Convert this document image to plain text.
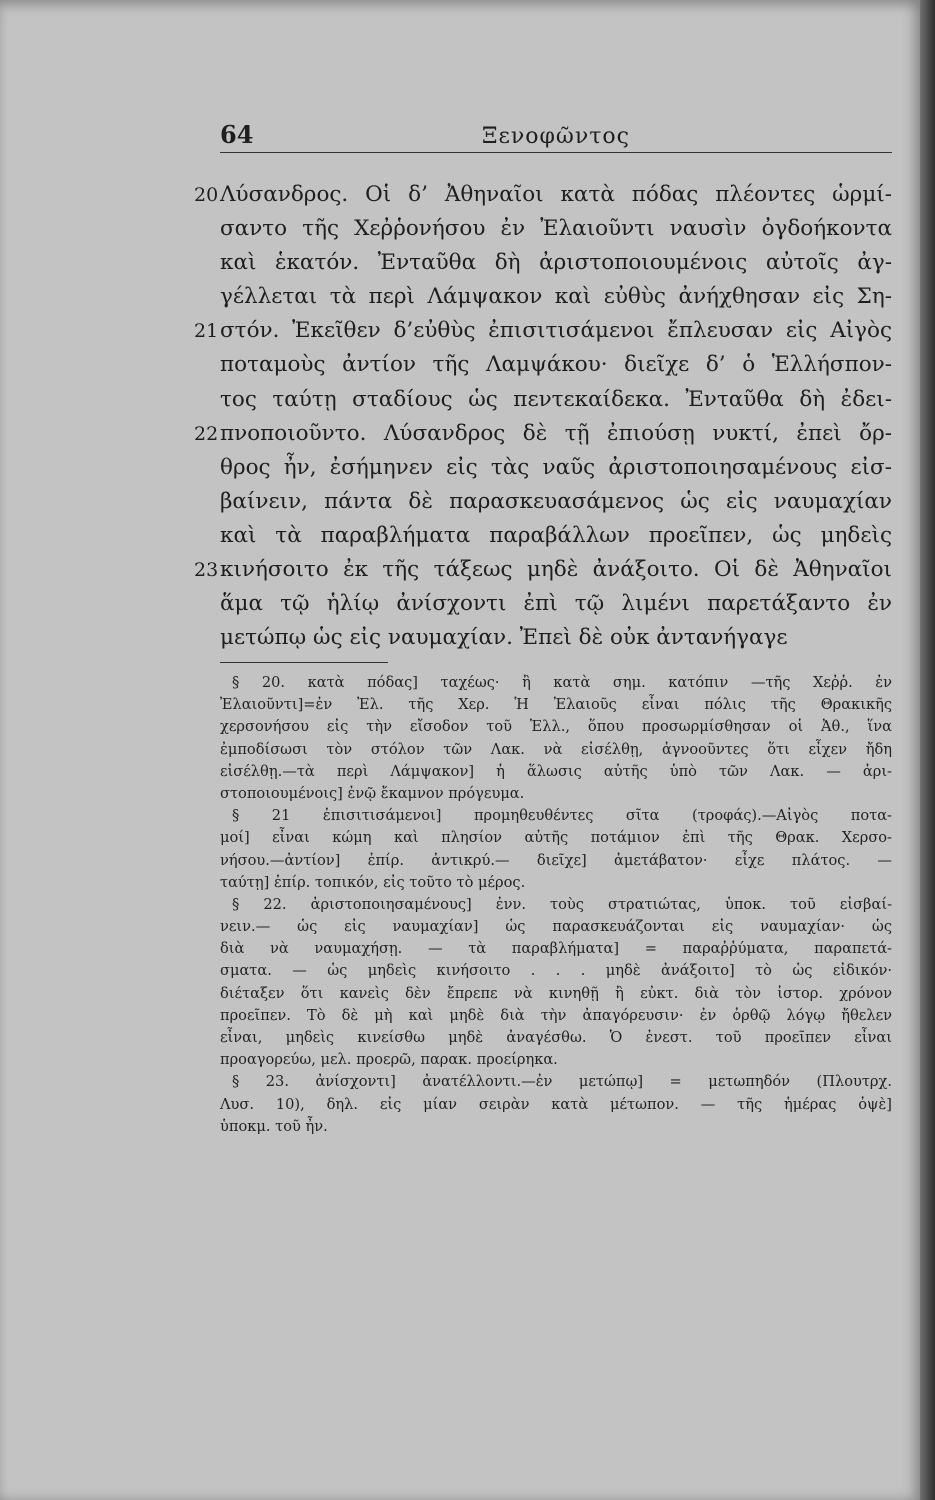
64	Ξενοφῶντος
20 Λύσανδρος. Οἱ δ’ Ἀθηναῖοι κατὰ πόδας πλέοντες ὡρμί-
σαντο τῆς Χεῤῥονήσου ἐν Ἐλαιοῦντι ναυσὶν ὀγδοήκοντα
καὶ ἑκατόν. Ἐνταῦθα δὴ ἀριστοποιουμένοις αὐτοῖς ἀγ-
γέλλεται τὰ περὶ Λάμψακον καὶ εὐθὺς ἀνήχθησαν εἰς Ση-
21 στόν. Ἐκεῖθεν δ’εὐθὺς ἐπισιτισάμενοι ἔπλευσαν εἰς Αἰγὸς
ποταμοὺς ἀντίον τῆς Λαμψάκου· διεῖχε δ’ ὁ Ἑλλήσπον-
τος ταύτῃ σταδίους ὡς πεντεκαίδεκα. Ἐνταῦθα δὴ ἐδει-
22 πνοποιοῦντο. Λύσανδρος δὲ τῇ ἐπιούσῃ νυκτί, ἐπεὶ ὄρ-
θρος ἦν, ἐσήμηνεν εἰς τὰς ναῦς ἀριστοποιησαμένους εἰσ-
βαίνειν, πάντα δὲ παρασκευασάμενος ὡς εἰς ναυμαχίαν
καὶ τὰ παραβλήματα παραβάλλων προεῖπεν, ὡς μηδεὶς
23 κινήσοιτο ἐκ τῆς τάξεως μηδὲ ἀνάξοιτο. Οἱ δὲ Ἀθηναῖοι
ἅμα τῷ ἡλίῳ ἀνίσχοντι ἐπὶ τῷ λιμένι παρετάξαντο ἐν
μετώπῳ ὡς εἰς ναυμαχίαν. Ἐπεὶ δὲ οὐκ ἀντανήγαγε
§ 20. κατὰ πόδας] ταχέως· ἢ κατὰ σημ. κατόπιν —τῆς Χεῤῥ. ἐν
Ἐλαιοῦντι]=ἐν Ἐλ. τῆς Χερ. Ἡ Ἐλαιοῦς εἶναι πόλις τῆς Θρακικῆς
χερσονήσου εἰς τὴν εἴσοδον τοῦ Ἑλλ., ὅπου προσωρμίσθησαν οἱ Ἀθ., ἵνα
ἐμποδίσωσι τὸν στόλον τῶν Λακ. νὰ εἰσέλθῃ, ἀγνοοῦντες ὅτι εἶχεν ἤδη
εἰσέλθῃ.—τὰ περὶ Λάμψακον] ἡ ἅλωσις αὐτῆς ὑπὸ τῶν Λακ. — ἀρι-
στοποιουμένοις] ἐνῷ ἔκαμνον πρόγευμα.
§ 21 ἐπισιτισάμενοι] προμηθευθέντες σῖτα (τροφάς).—Αἰγὸς ποτα-
μοί] εἶναι κώμη καὶ πλησίον αὐτῆς ποτάμιον ἐπὶ τῆς Θρακ. Χερσο-
νήσου.—ἀντίον] ἐπίρ. ἀντικρύ.— διεῖχε] ἀμετάβατον· εἶχε πλάτος. —
ταύτῃ] ἐπίρ. τοπικόν, εἰς τοῦτο τὸ μέρος.
§ 22. ἀριστοποιησαμένους] ἐνν. τοὺς στρατιώτας, ὑποκ. τοῦ εἰσβαί-
νειν.— ὡς εἰς ναυμαχίαν] ὡς παρασκευάζονται εἰς ναυμαχίαν· ὡς
διὰ νὰ ναυμαχήσῃ. — τὰ παραβλήματα] = παραῤῥύματα, παραπετά-
σματα. — ὡς μηδεὶς κινήσοιτο . . . μηδὲ ἀνάξοιτο] τὸ ὡς εἰδικόν·
διέταξεν ὅτι κανεὶς δὲν ἔπρεπε νὰ κινηθῇ ἢ εὐκτ. διὰ τὸν ἱστορ. χρόνον
προεῖπεν. Τὸ δὲ μὴ καὶ μηδὲ διὰ τὴν ἀπαγόρευσιν· ἐν ὀρθῷ λόγῳ ἤθελεν
εἶναι, μηδεὶς κινείσθω μηδὲ ἀναγέσθω. Ὁ ἐνεστ. τοῦ προεῖπεν εἶναι
προαγορεύω, μελ. προερῶ, παρακ. προείρηκα.
§ 23. ἀνίσχοντι] ἀνατέλλοντι.—ἐν μετώπῳ] = μετωπηδόν (Πλουτρχ.
Λυσ. 10), δηλ. εἰς μίαν σειρὰν κατὰ μέτωπον. — τῆς ἡμέρας ὀψὲ]
ὑποκμ. τοῦ ἦν.
